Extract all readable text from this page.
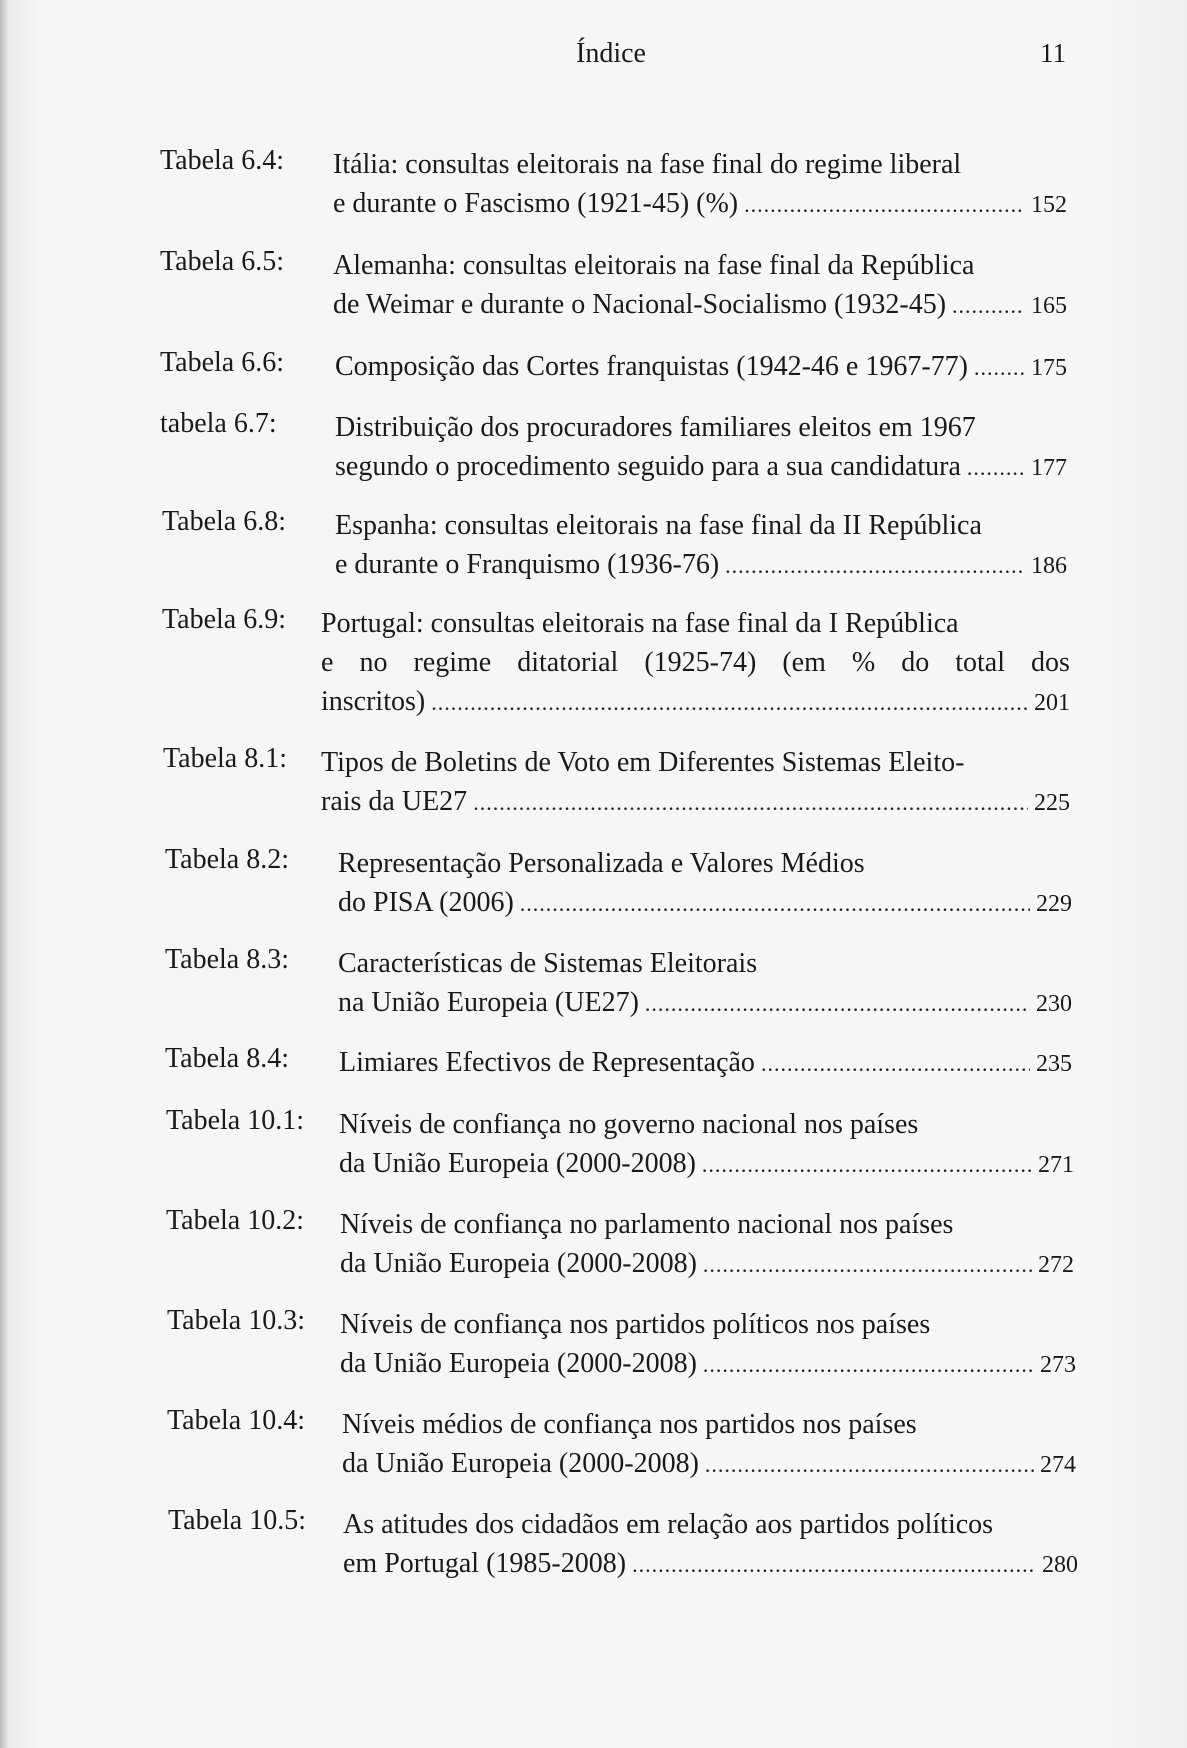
Índice	11
Tabela 6.4: Itália: consultas eleitorais na fase final do regime liberal
e durante o Fascismo (1921-45) (%) .....	152
Tabela 6.5: Alemanha: consultas eleitorais na fase final da República
de Weimar e durante o Nacional-Socialismo (1932-45) .....	165
Tabela 6.6: Composição das Cortes franquistas (1942-46 e 1967-77) .....	175
tabela 6.7: Distribuição dos procuradores familiares eleitos em 1967
segundo o procedimento seguido para a sua candidatura .....	177
Tabela 6.8: Espanha: consultas eleitorais na fase final da II República
e durante o Franquismo (1936-76) .....	186
Tabela 6.9: Portugal: consultas eleitorais na fase final da I República
e no regime ditatorial (1925-74) (em % do total dos
inscritos) .....	201
Tabela 8.1: Tipos de Boletins de Voto em Diferentes Sistemas Eleito-
rais da UE27 .....	225
Tabela 8.2: Representação Personalizada e Valores Médios
do PISA (2006) .....	229
Tabela 8.3: Características de Sistemas Eleitorais
na União Europeia (UE27) .....	230
Tabela 8.4: Limiares Efectivos de Representação .....	235
Tabela 10.1: Níveis de confiança no governo nacional nos países
da União Europeia (2000-2008) .....	271
Tabela 10.2: Níveis de confiança no parlamento nacional nos países
da União Europeia (2000-2008) .....	272
Tabela 10.3: Níveis de confiança nos partidos políticos nos países
da União Europeia (2000-2008) .....	273
Tabela 10.4: Níveis médios de confiança nos partidos nos países
da União Europeia (2000-2008) .....	274
Tabela 10.5: As atitudes dos cidadãos em relação aos partidos políticos
em Portugal (1985-2008) .....	280
